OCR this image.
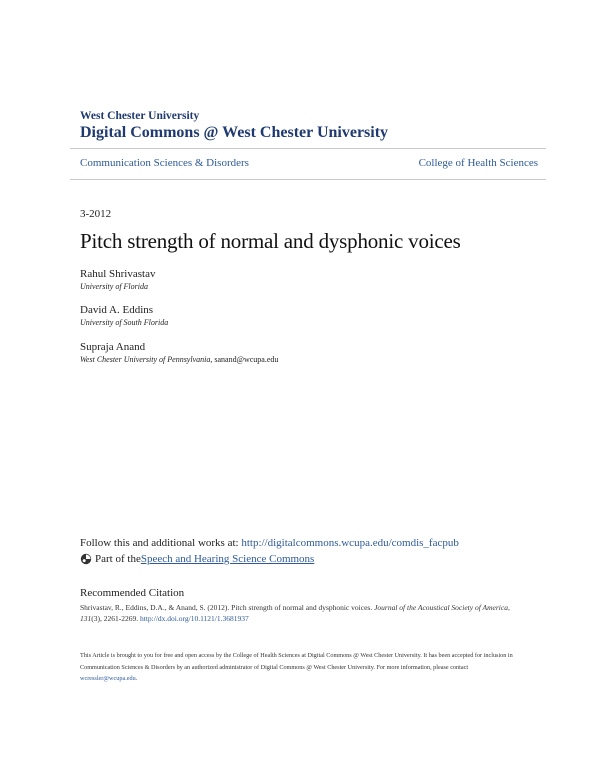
West Chester University
Digital Commons @ West Chester University
Communication Sciences & Disorders	College of Health Sciences
3-2012
Pitch strength of normal and dysphonic voices
Rahul Shrivastav
University of Florida
David A. Eddins
University of South Florida
Supraja Anand
West Chester University of Pennsylvania, sanand@wcupa.edu
Follow this and additional works at: http://digitalcommons.wcupa.edu/comdis_facpub
Part of the Speech and Hearing Science Commons
Recommended Citation
Shrivastav, R., Eddins, D.A., & Anand, S. (2012). Pitch strength of normal and dysphonic voices. Journal of the Acoustical Society of America, 131(3), 2261-2269. http://dx.doi.org/10.1121/1.3681937
This Article is brought to you for free and open access by the College of Health Sciences at Digital Commons @ West Chester University. It has been accepted for inclusion in Communication Sciences & Disorders by an authorized administrator of Digital Commons @ West Chester University. For more information, please contact wcressler@wcupa.edu.
